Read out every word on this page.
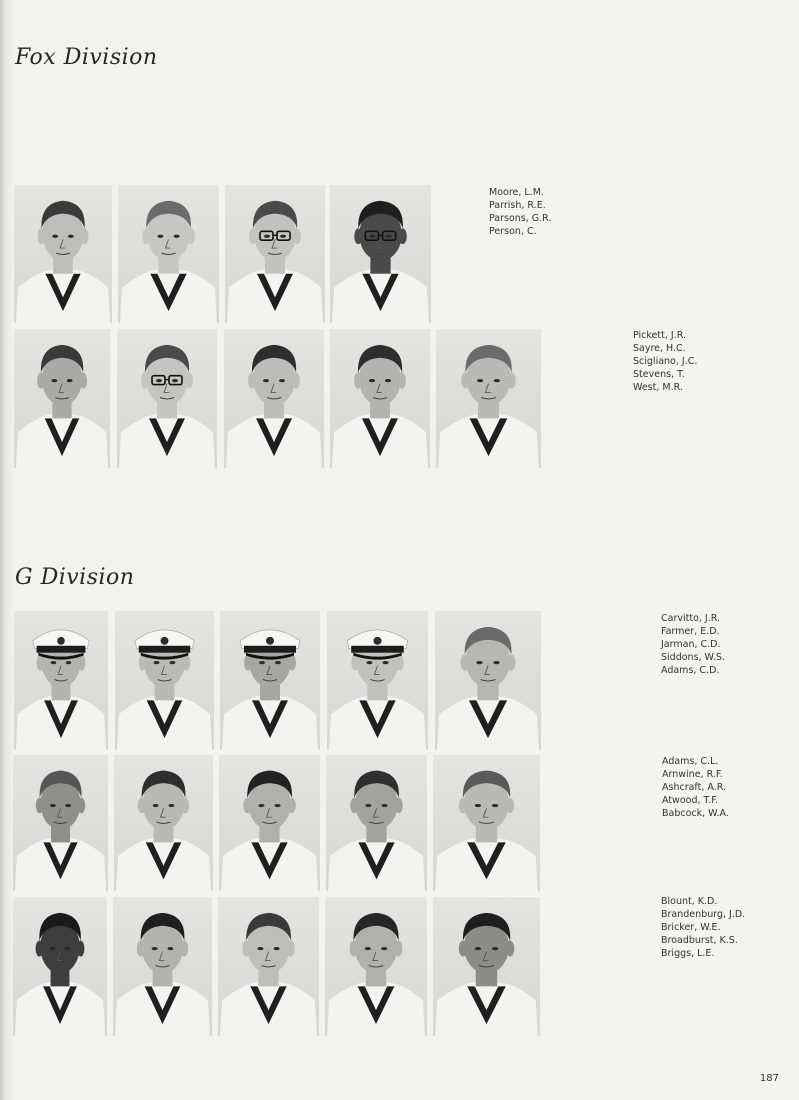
Fox Division
Moore, L.M.
Parrish, R.E.
Parsons, G.R.
Person, C.
Pickett, J.R.
Sayre, H.C.
Scigliano, J.C.
Stevens, T.
West, M.R.
G Division
Carvitto, J.R.
Farmer, E.D.
Jarman, C.D.
Siddons, W.S.
Adams, C.D.
Adams, C.L.
Arnwine, R.F.
Ashcraft, A.R.
Atwood, T.F.
Babcock, W.A.
Blount, K.D.
Brandenburg, J.D.
Bricker, W.E.
Broadburst, K.S.
Briggs, L.E.
187
